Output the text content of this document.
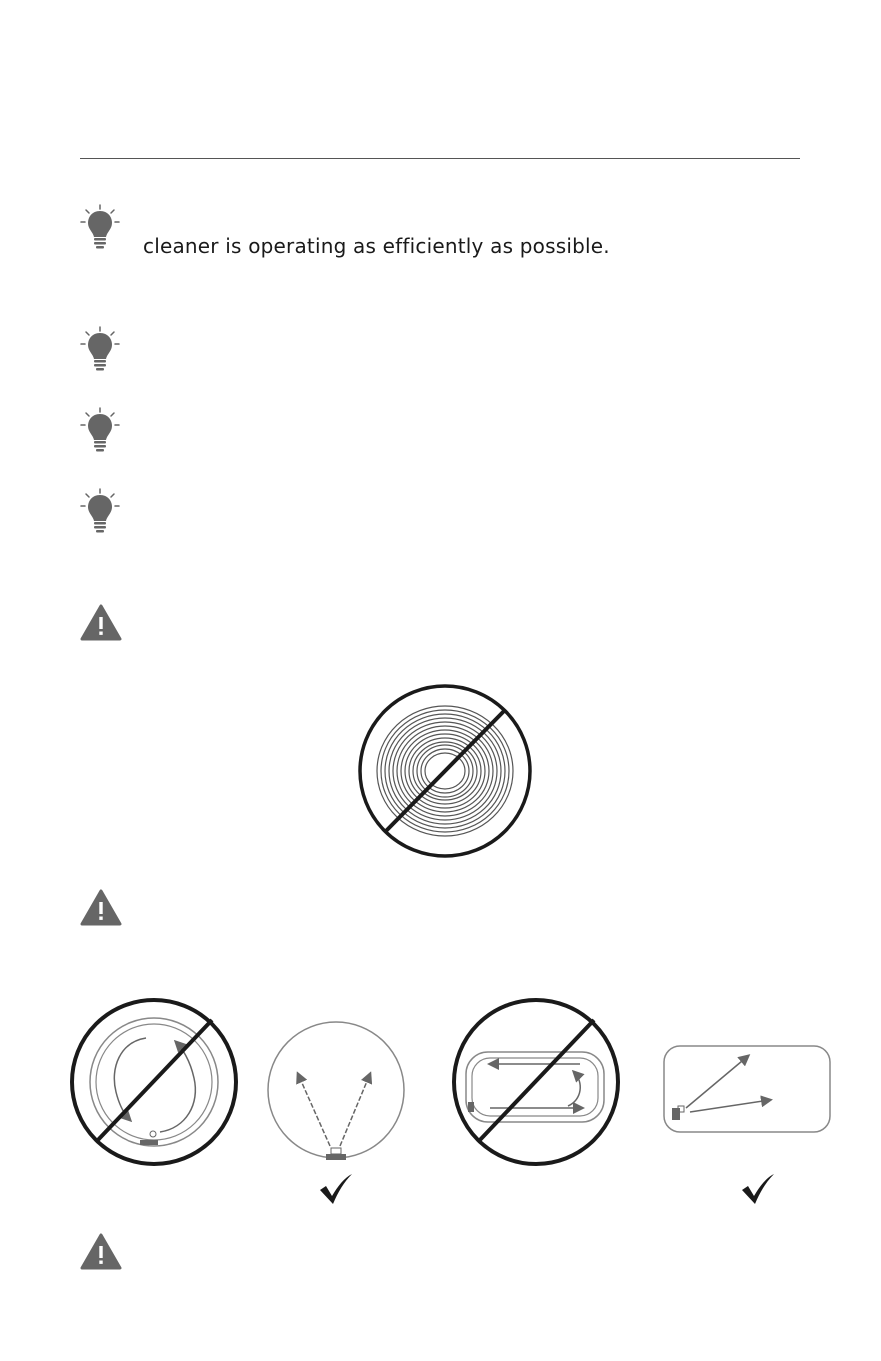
cleaner is operating as efficiently as possible.
